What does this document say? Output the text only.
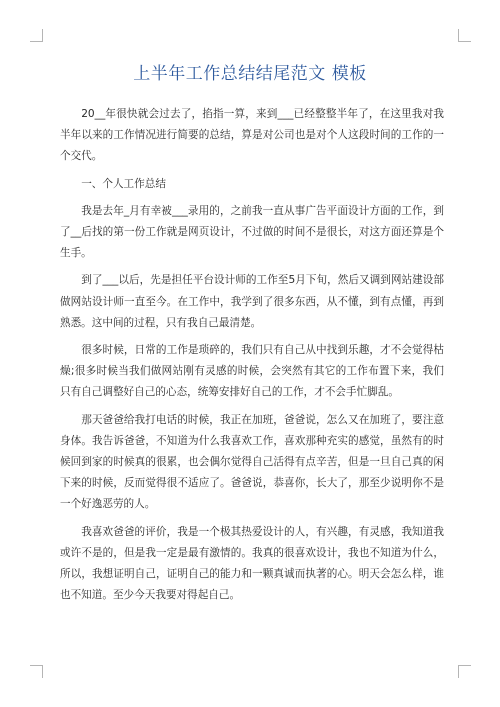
上半年工作总结结尾范文 模板

20__年很快就会过去了，掐指一算，来到___已经整整半年了，在这里我对我半年以来的工作情况进行简要的总结，算是对公司也是对个人这段时间的工作的一个交代。

一、个人工作总结

我是去年_月有幸被___录用的，之前我一直从事广告平面设计方面的工作，到了__后找的第一份工作就是网页设计，不过做的时间不是很长，对这方面还算是个生手。

到了___以后，先是担任平台设计师的工作至5月下旬，然后又调到网站建设部做网站设计师一直至今。在工作中，我学到了很多东西，从不懂，到有点懂，再到熟悉。这中间的过程，只有我自己最清楚。

很多时候，日常的工作是琐碎的，我们只有自己从中找到乐趣，才不会觉得枯燥;很多时候当我们做网站刚有灵感的时候，会突然有其它的工作布置下来，我们只有自己调整好自己的心态，统筹安排好自己的工作，才不会手忙脚乱。

那天爸爸给我打电话的时候，我正在加班，爸爸说，怎么又在加班了，要注意身体。我告诉爸爸，不知道为什么我喜欢工作，喜欢那种充实的感觉，虽然有的时候回到家的时候真的很累，也会偶尔觉得自己活得有点辛苦，但是一旦自己真的闲下来的时候，反而觉得很不适应了。爸爸说，恭喜你，长大了，那至少说明你不是一个好逸恶劳的人。

我喜欢爸爸的评价，我是一个极其热爱设计的人，有兴趣，有灵感，我知道我或许不是的，但是我一定是最有激情的。我真的很喜欢设计，我也不知道为什么，所以，我想证明自己，证明自己的能力和一颗真诚而执著的心。明天会怎么样，谁也不知道。至少今天我要对得起自己。
